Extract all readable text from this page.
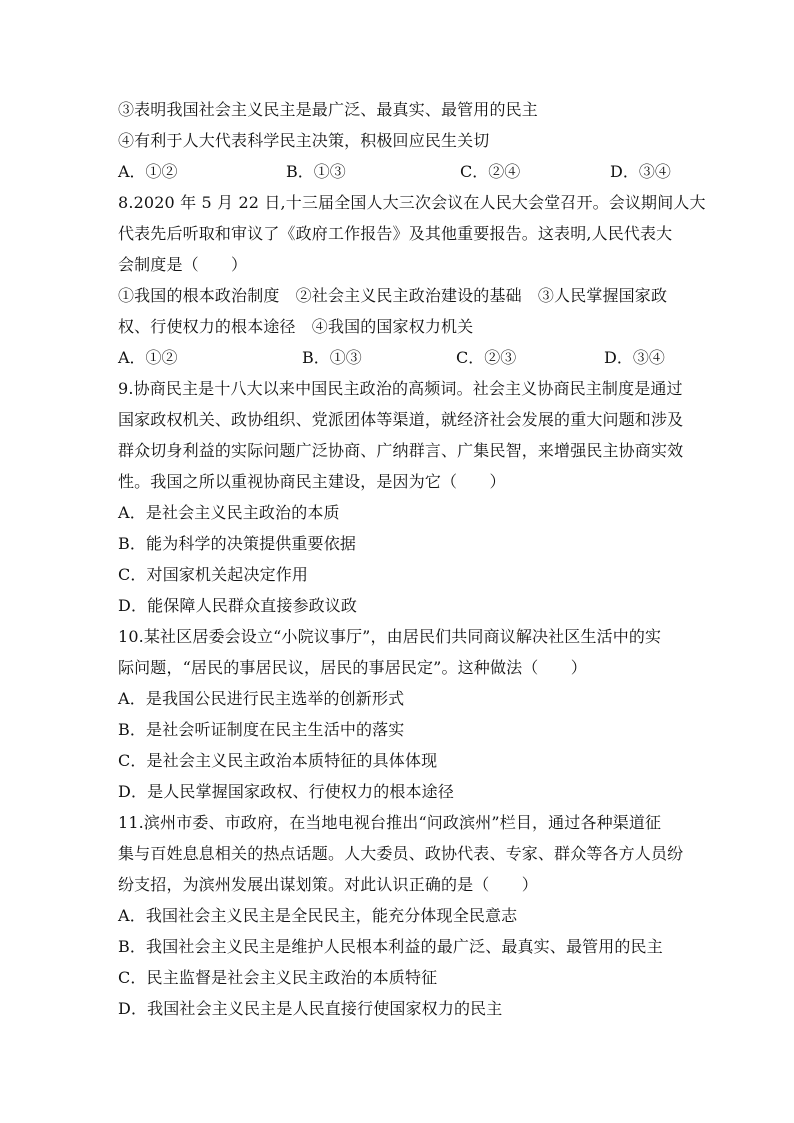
③表明我国社会主义民主是最广泛、最真实、最管用的民主
④有利于人大代表科学民主决策，积极回应民生关切
A．①②	B．①③	C．②④	D．③④
8.2020 年 5 月 22 日,十三届全国人大三次会议在人民大会堂召开。会议期间人大
代表先后听取和审议了《政府工作报告》及其他重要报告。这表明,人民代表大
会制度是（　　）
①我国的根本政治制度　②社会主义民主政治建设的基础　③人民掌握国家政
权、行使权力的根本途径　④我国的国家权力机关
A．①②	B．①③	C．②③	D．③④
9.协商民主是十八大以来中国民主政治的高频词。社会主义协商民主制度是通过
国家政权机关、政协组织、党派团体等渠道，就经济社会发展的重大问题和涉及
群众切身利益的实际问题广泛协商、广纳群言、广集民智，来增强民主协商实效
性。我国之所以重视协商民主建设，是因为它（　　）
A．是社会主义民主政治的本质
B．能为科学的决策提供重要依据
C．对国家机关起决定作用
D．能保障人民群众直接参政议政
10.某社区居委会设立“小院议事厅”，由居民们共同商议解决社区生活中的实
际问题，“居民的事居民议，居民的事居民定”。这种做法（　　）
A．是我国公民进行民主选举的创新形式
B．是社会听证制度在民主生活中的落实
C．是社会主义民主政治本质特征的具体体现
D．是人民掌握国家政权、行使权力的根本途径
11.滨州市委、市政府，在当地电视台推出“问政滨州”栏目，通过各种渠道征
集与百姓息息相关的热点话题。人大委员、政协代表、专家、群众等各方人员纷
纷支招，为滨州发展出谋划策。对此认识正确的是（　　）
A．我国社会主义民主是全民民主，能充分体现全民意志
B．我国社会主义民主是维护人民根本利益的最广泛、最真实、最管用的民主
C．民主监督是社会主义民主政治的本质特征
D．我国社会主义民主是人民直接行使国家权力的民主
